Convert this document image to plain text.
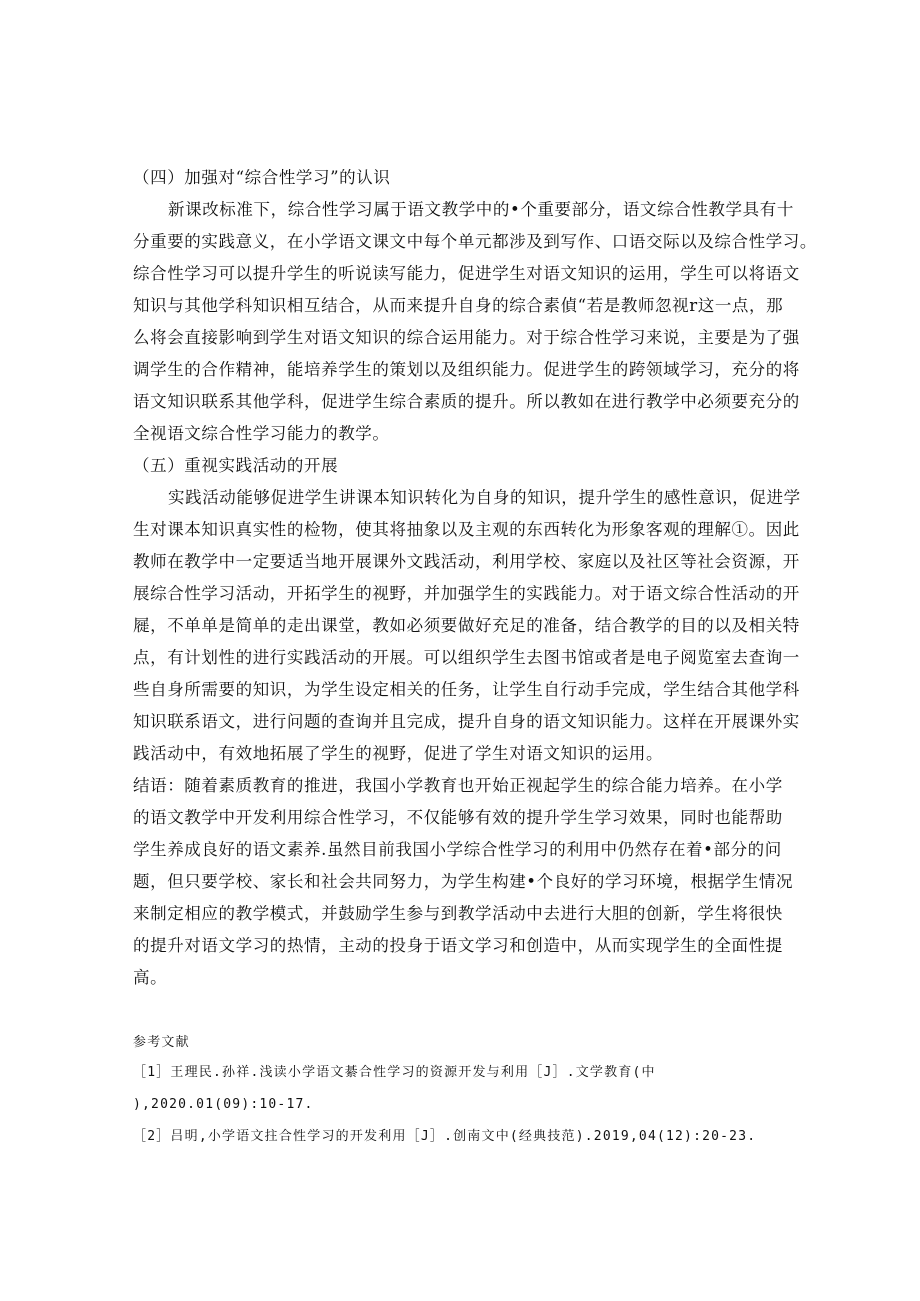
（四）加强对“综合性学习”的认识
新课改标准下，综合性学习属于语文教学中的•个重要部分，语文综合性教学具有十
分重要的实践意义，在小学语文课文中每个单元都涉及到写作、口语交际以及综合性学习。
综合性学习可以提升学生的听说读写能力，促进学生对语文知识的运用，学生可以将语文
知识与其他学科知识相互结合，从而来提升自身的综合素偵“若是教师忽视r这一点，那
么将会直接影响到学生对语文知识的综合运用能力。对于综合性学习来说，主要是为了强
调学生的合作精神，能培养学生的策划以及组织能力。促进学生的跨领域学习，充分的将
语文知识联系其他学科，促进学生综合素质的提升。所以教如在进行教学中必须要充分的
全视语文综合性学习能力的教学。
（五）重视实践活动的开展
实践活动能够促进学生讲课本知识转化为自身的知识，提升学生的感性意识，促进学
生对课本知识真实性的检物，使其将抽象以及主观的东西转化为形象客观的理解①。因此
教师在教学中一定要适当地开展课外文践活动，利用学校、家庭以及社区等社会资源，开
展综合性学习活动，开拓学生的视野，并加强学生的实践能力。对于语文综合性活动的开
屣，不单单是简单的走出课堂，教如必须要做好充足的准备，结合教学的目的以及相关特
点，有计划性的进行实践活动的开展。可以组织学生去图书馆或者是电子阅览室去查询一
些自身所需要的知识，为学生设定相关的任务，让学生自行动手完成，学生结合其他学科
知识联系语文，进行问题的查询并且完成，提升自身的语文知识能力。这样在开展课外实
践活动中，有效地拓展了学生的视野，促进了学生对语文知识的运用。
结语：随着素质教育的推进，我国小学教育也开始正视起学生的综合能力培养。在小学
的语文教学中开发利用综合性学习，不仅能够有效的提升学生学习效果，同时也能帮助
学生养成良好的语文素养.虽然目前我国小学综合性学习的利用中仍然存在着•部分的问
题，但只要学校、家长和社会共同努力，为学生构建•个良好的学习环境，根据学生情况
来制定相应的教学模式，并鼓励学生参与到教学活动中去进行大胆的创新，学生将很快
的提升对语文学习的热情，主动的投身于语文学习和创造中，从而实现学生的全面性提
高。
参考文献
［1］王理民.孙祥.浅读小学语文綦合性学习的资源开发与利用［J］.文学教育(中
),2020.01(09):10-17.
［2］吕明,小学语文拄合性学习的开发利用［J］.创南文中(经典技范).2019,04(12):20-23.
